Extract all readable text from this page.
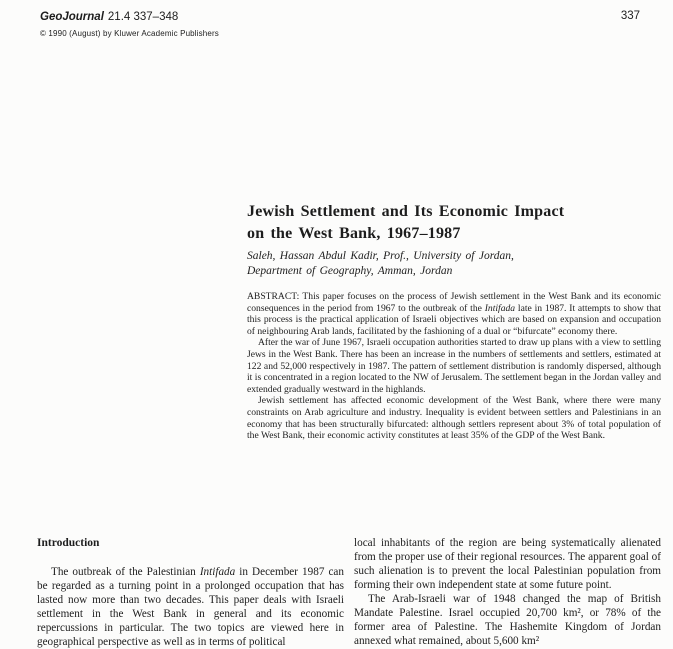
GeoJournal 21.4 337–348
© 1990 (August) by Kluwer Academic Publishers
337
Jewish Settlement and Its Economic Impact
on the West Bank, 1967–1987
Saleh, Hassan Abdul Kadir, Prof., University of Jordan,
Department of Geography, Amman, Jordan

ABSTRACT: This paper focuses on the process of Jewish settlement in the West Bank and its economic consequences in the period from 1967 to the outbreak of the Intifada late in 1987. It attempts to show that this process is the practical application of Israeli objectives which are based on expansion and occupation of neighbouring Arab lands, facilitated by the fashioning of a dual or “bifurcate” economy there.

After the war of June 1967, Israeli occupation authorities started to draw up plans with a view to settling Jews in the West Bank. There has been an increase in the numbers of settlements and settlers, estimated at 122 and 52,000 respectively in 1987. The pattern of settlement distribution is randomly dispersed, although it is concentrated in a region located to the NW of Jerusalem. The settlement began in the Jordan valley and extended gradually westward in the highlands.

Jewish settlement has affected economic development of the West Bank, where there were many constraints on Arab agriculture and industry. Inequality is evident between settlers and Palestinians in an economy that has been structurally bifurcated: although settlers represent about 3% of total population of the West Bank, their economic activity constitutes at least 35% of the GDP of the West Bank.

Introduction

The outbreak of the Palestinian Intifada in December 1987 can be regarded as a turning point in a prolonged occupation that has lasted now more than two decades. This paper deals with Israeli settlement in the West Bank in general and its economic repercussions in particular. The two topics are viewed here in geographical perspective as well as in terms of political

local inhabitants of the region are being systematically alienated from the proper use of their regional resources. The apparent goal of such alienation is to prevent the local Palestinian population from forming their own independent state at some future point.

The Arab-Israeli war of 1948 changed the map of British Mandate Palestine. Israel occupied 20,700 km², or 78% of the former area of Palestine. The Hashemite Kingdom of Jordan annexed what remained, about 5,600 km²
